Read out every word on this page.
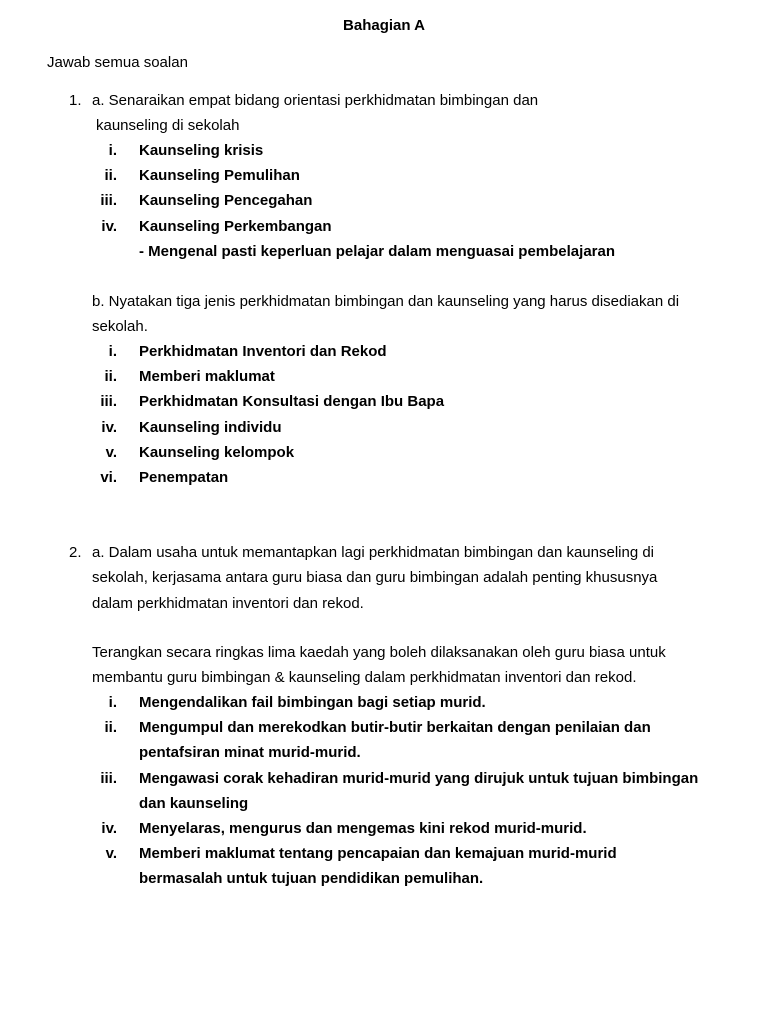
Bahagian A
Jawab semua soalan
1. a. Senaraikan empat bidang orientasi perkhidmatan bimbingan dan
kaunseling di sekolah
i. Kaunseling krisis
ii. Kaunseling Pemulihan
iii. Kaunseling Pencegahan
iv. Kaunseling Perkembangan
- Mengenal pasti keperluan pelajar dalam menguasai pembelajaran
b. Nyatakan tiga jenis perkhidmatan bimbingan dan kaunseling yang harus disediakan di
sekolah.
i. Perkhidmatan Inventori dan Rekod
ii. Memberi maklumat
iii. Perkhidmatan Konsultasi dengan Ibu Bapa
iv. Kaunseling individu
v. Kaunseling kelompok
vi. Penempatan
2. a. Dalam usaha untuk memantapkan lagi perkhidmatan bimbingan dan kaunseling di
sekolah, kerjasama antara guru biasa dan guru bimbingan adalah penting khususnya
dalam perkhidmatan inventori dan rekod.
Terangkan secara ringkas lima kaedah yang boleh dilaksanakan oleh guru biasa untuk
membantu guru bimbingan & kaunseling dalam perkhidmatan inventori dan rekod.
i. Mengendalikan fail bimbingan bagi setiap murid.
ii. Mengumpul dan merekodkan butir-butir berkaitan dengan penilaian dan
pentafsiran minat murid-murid.
iii. Mengawasi corak kehadiran murid-murid yang dirujuk untuk tujuan bimbingan
dan kaunseling
iv. Menyelaras, mengurus dan mengemas kini rekod murid-murid.
v. Memberi maklumat tentang pencapaian dan kemajuan murid-murid
bermasalah untuk tujuan pendidikan pemulihan.
